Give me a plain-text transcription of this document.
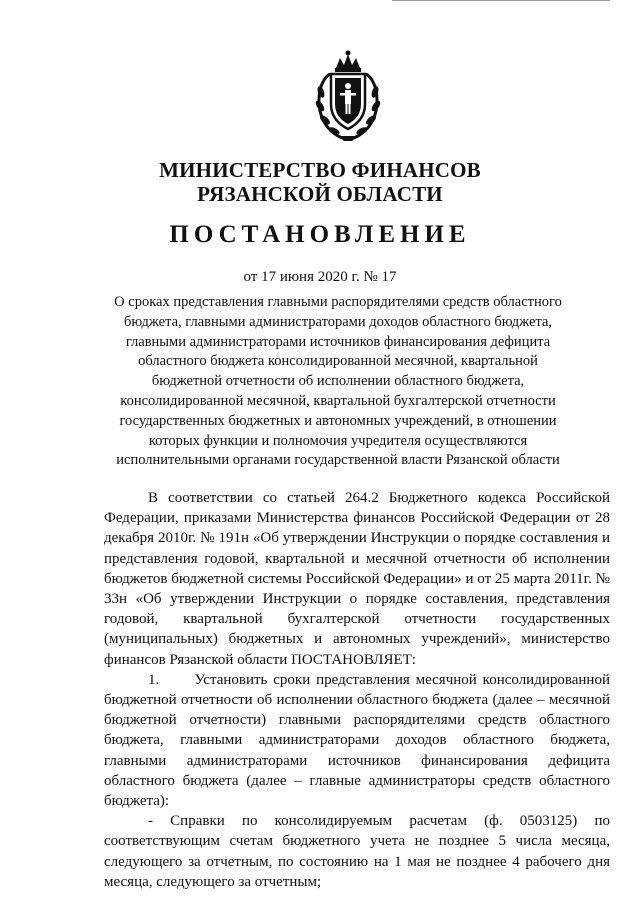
МИНИСТЕРСТВО ФИНАНСОВ
РЯЗАНСКОЙ ОБЛАСТИ
ПОСТАНОВЛЕНИЕ
от 17 июня 2020 г. № 17
О сроках представления главными распорядителями средств областного бюджета, главными администраторами доходов областного бюджета, главными администраторами источников финансирования дефицита областного бюджета консолидированной месячной, квартальной бюджетной отчетности об исполнении областного бюджета, консолидированной месячной, квартальной бухгалтерской отчетности государственных бюджетных и автономных учреждений, в отношении которых функции и полномочия учредителя осуществляются исполнительными органами государственной власти Рязанской области

В соответствии со статьей 264.2 Бюджетного кодекса Российской Федерации, приказами Министерства финансов Российской Федерации от 28 декабря 2010г. № 191н «Об утверждении Инструкции о порядке составления и представления годовой, квартальной и месячной отчетности об исполнении бюджетов бюджетной системы Российской Федерации» и от 25 марта 2011г. № 33н «Об утверждении Инструкции о порядке составления, представления годовой, квартальной бухгалтерской отчетности государственных (муниципальных) бюджетных и автономных учреждений», министерство финансов Рязанской области ПОСТАНОВЛЯЕТ:

1.      Установить сроки представления месячной консолидированной бюджетной отчетности об исполнении областного бюджета (далее – месячной бюджетной отчетности) главными распорядителями средств областного бюджета, главными администраторами доходов областного бюджета, главными администраторами источников финансирования дефицита областного бюджета (далее – главные администраторы средств областного бюджета):

- Справки по консолидируемым расчетам (ф. 0503125) по соответствующим счетам бюджетного учета не позднее 5 числа месяца, следующего за отчетным, по состоянию на 1 мая не позднее 4 рабочего дня месяца, следующего за отчетным;
